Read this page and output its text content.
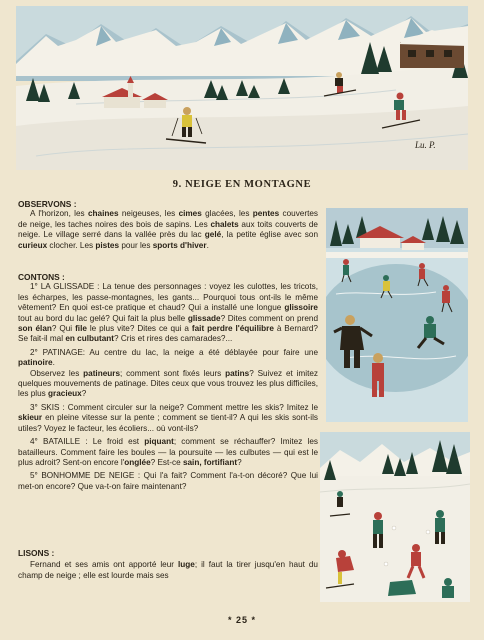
Lu. P.
9. NEIGE EN MONTAGNE
OBSERVONS :

A l'horizon, les chaines neigeuses, les cimes glacées, les pentes couvertes de neige, les taches noires des bois de sapins. Les chalets aux toits couverts de neige. Le village serré dans la vallée près du lac gelé, la petite église avec son curieux clocher. Les pistes pour les sports d'hiver.

CONTONS :

1° LA GLISSADE : La tenue des personnages : voyez les culottes, les tricots, les écharpes, les passe-montagnes, les gants... Pourquoi tous ont-ils le même vêtement? En quoi est-ce pratique et chaud? Qui a installé une longue glissoire tout au bord du lac gelé? Qui fait la plus belle glissade? Dites comment on prend son élan? Qui file le plus vite? Dites ce qui a fait perdre l'équilibre à Bernard? Se fait-il mal en culbutant? Cris et rires des camarades?...

2° PATINAGE: Au centre du lac, la neige a été déblayée pour faire une patinoire.

Observez les patineurs; comment sont fixés leurs patins? Suivez et imitez quelques mouvements de patinage. Dites ceux que vous trouvez les plus difficiles, les plus gracieux?

3° SKIS : Comment circuler sur la neige? Comment mettre les skis? Imitez le skieur en pleine vitesse sur la pente ; comment se tient-il? A qui les skis sont-ils utiles? Voyez le facteur, les écoliers... où vont-ils?

4° BATAILLE : Le froid est piquant; comment se réchauffer? Imitez les batailleurs. Comment faire les boules — la poursuite — les culbutes — qui est le plus adroit? Sent-on encore l'onglée? Est-ce sain, fortifiant?

5° BONHOMME DE NEIGE : Qui l'a fait? Comment l'a-t-on décoré? Que lui met-on encore? Que va-t-on faire maintenant?

LISONS :

Fernand et ses amis ont apporté leur luge; il faut la tirer jusqu'en haut du champ de neige ; elle est lourde mais ses

* 25 *
